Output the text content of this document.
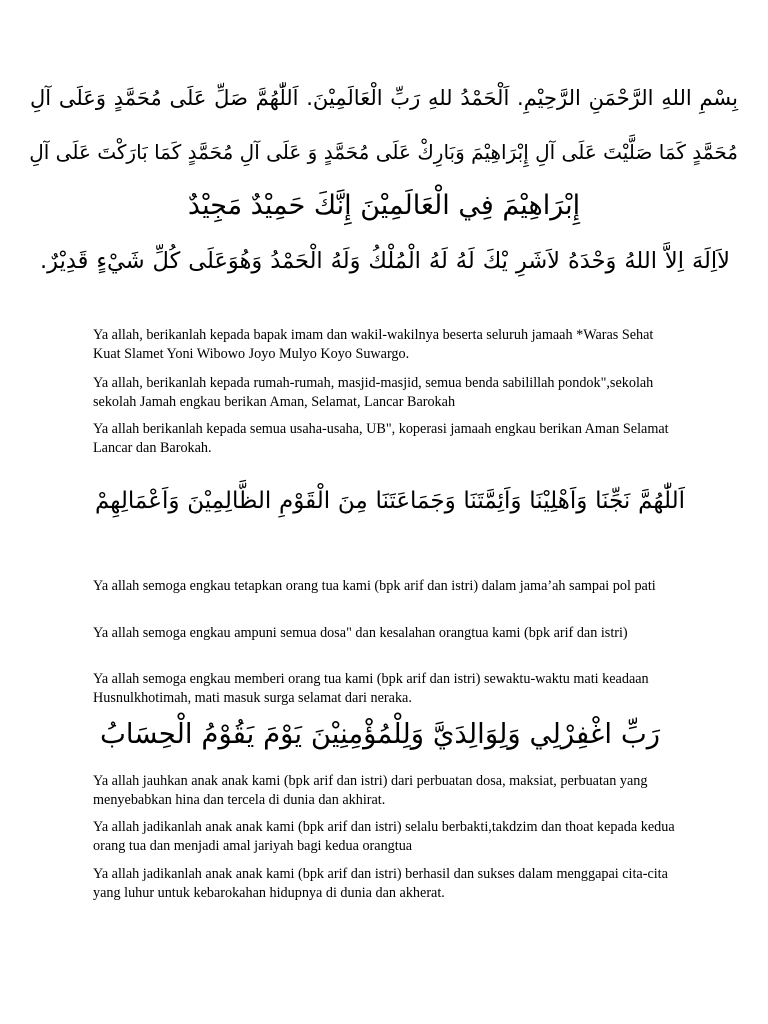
بِسْمِ اللهِ الرَّحْمَنِ الرَّحِيْمِ. اَلْحَمْدُ للهِ رَبِّ الْعَالَمِيْنَ. اَللّٰهُمَّ صَلِّ عَلَى مُحَمَّدٍ وَعَلَى آلِ
مُحَمَّدٍ كَمَا صَلَّيْتَ عَلَى آلِ إِبْرَاهِيْمَ وَبَارِكْ عَلَى مُحَمَّدٍ وَ عَلَى آلِ مُحَمَّدٍ كَمَا بَارَكْتَ عَلَى آلِ
إِبْرَاهِيْمَ فِي الْعَالَمِيْنَ إِنَّكَ حَمِيْدٌ مَجِيْدٌ
لاَاِلَهَ اِلاَّ اللهُ وَحْدَهُ لاَشَرِ يْكَ لَهُ لَهُ الْمُلْكُ وَلَهُ الْحَمْدُ وَهُوَعَلَى كُلِّ شَيْءٍ قَدِيْرٌ.

Ya allah, berikanlah kepada bapak imam dan wakil-wakilnya beserta seluruh jamaah *Waras Sehat Kuat Slamet Yoni Wibowo Joyo Mulyo Koyo Suwargo.

Ya allah, berikanlah kepada rumah-rumah, masjid-masjid, semua benda sabilillah pondok",sekolah sekolah Jamah engkau berikan Aman, Selamat, Lancar Barokah

Ya allah berikanlah kepada semua usaha-usaha, UB", koperasi jamaah engkau berikan Aman Selamat Lancar dan Barokah.

اَللّٰهُمَّ نَجِّنَا وَاَهْلِيْنَا وَاَئِمَّتَنَا وَجَمَاعَتَنَا مِنَ الْقَوْمِ الظَّالِمِيْنَ وَاَعْمَالِهِمْ

Ya allah semoga engkau tetapkan orang tua kami (bpk arif dan istri) dalam jama’ah sampai pol pati

Ya allah semoga engkau ampuni semua dosa" dan kesalahan orangtua kami (bpk arif dan istri)

Ya allah semoga engkau memberi orang tua kami (bpk arif dan istri) sewaktu-waktu mati keadaan Husnulkhotimah, mati masuk surga selamat dari neraka.

رَبِّ اغْفِرْلِي وَلِوَالِدَيَّ وَلِلْمُؤْمِنِيْنَ يَوْمَ يَقُوْمُ الْحِسَابُ

Ya allah jauhkan anak anak kami (bpk arif dan istri) dari perbuatan dosa, maksiat, perbuatan yang menyebabkan hina dan tercela di dunia dan akhirat.

Ya allah jadikanlah anak anak kami (bpk arif dan istri) selalu berbakti,takdzim dan thoat kepada kedua orang tua dan menjadi amal jariyah bagi kedua orangtua

Ya allah jadikanlah anak anak kami (bpk arif dan istri) berhasil dan sukses dalam menggapai cita-cita yang luhur untuk kebarokahan hidupnya di dunia dan akherat.
